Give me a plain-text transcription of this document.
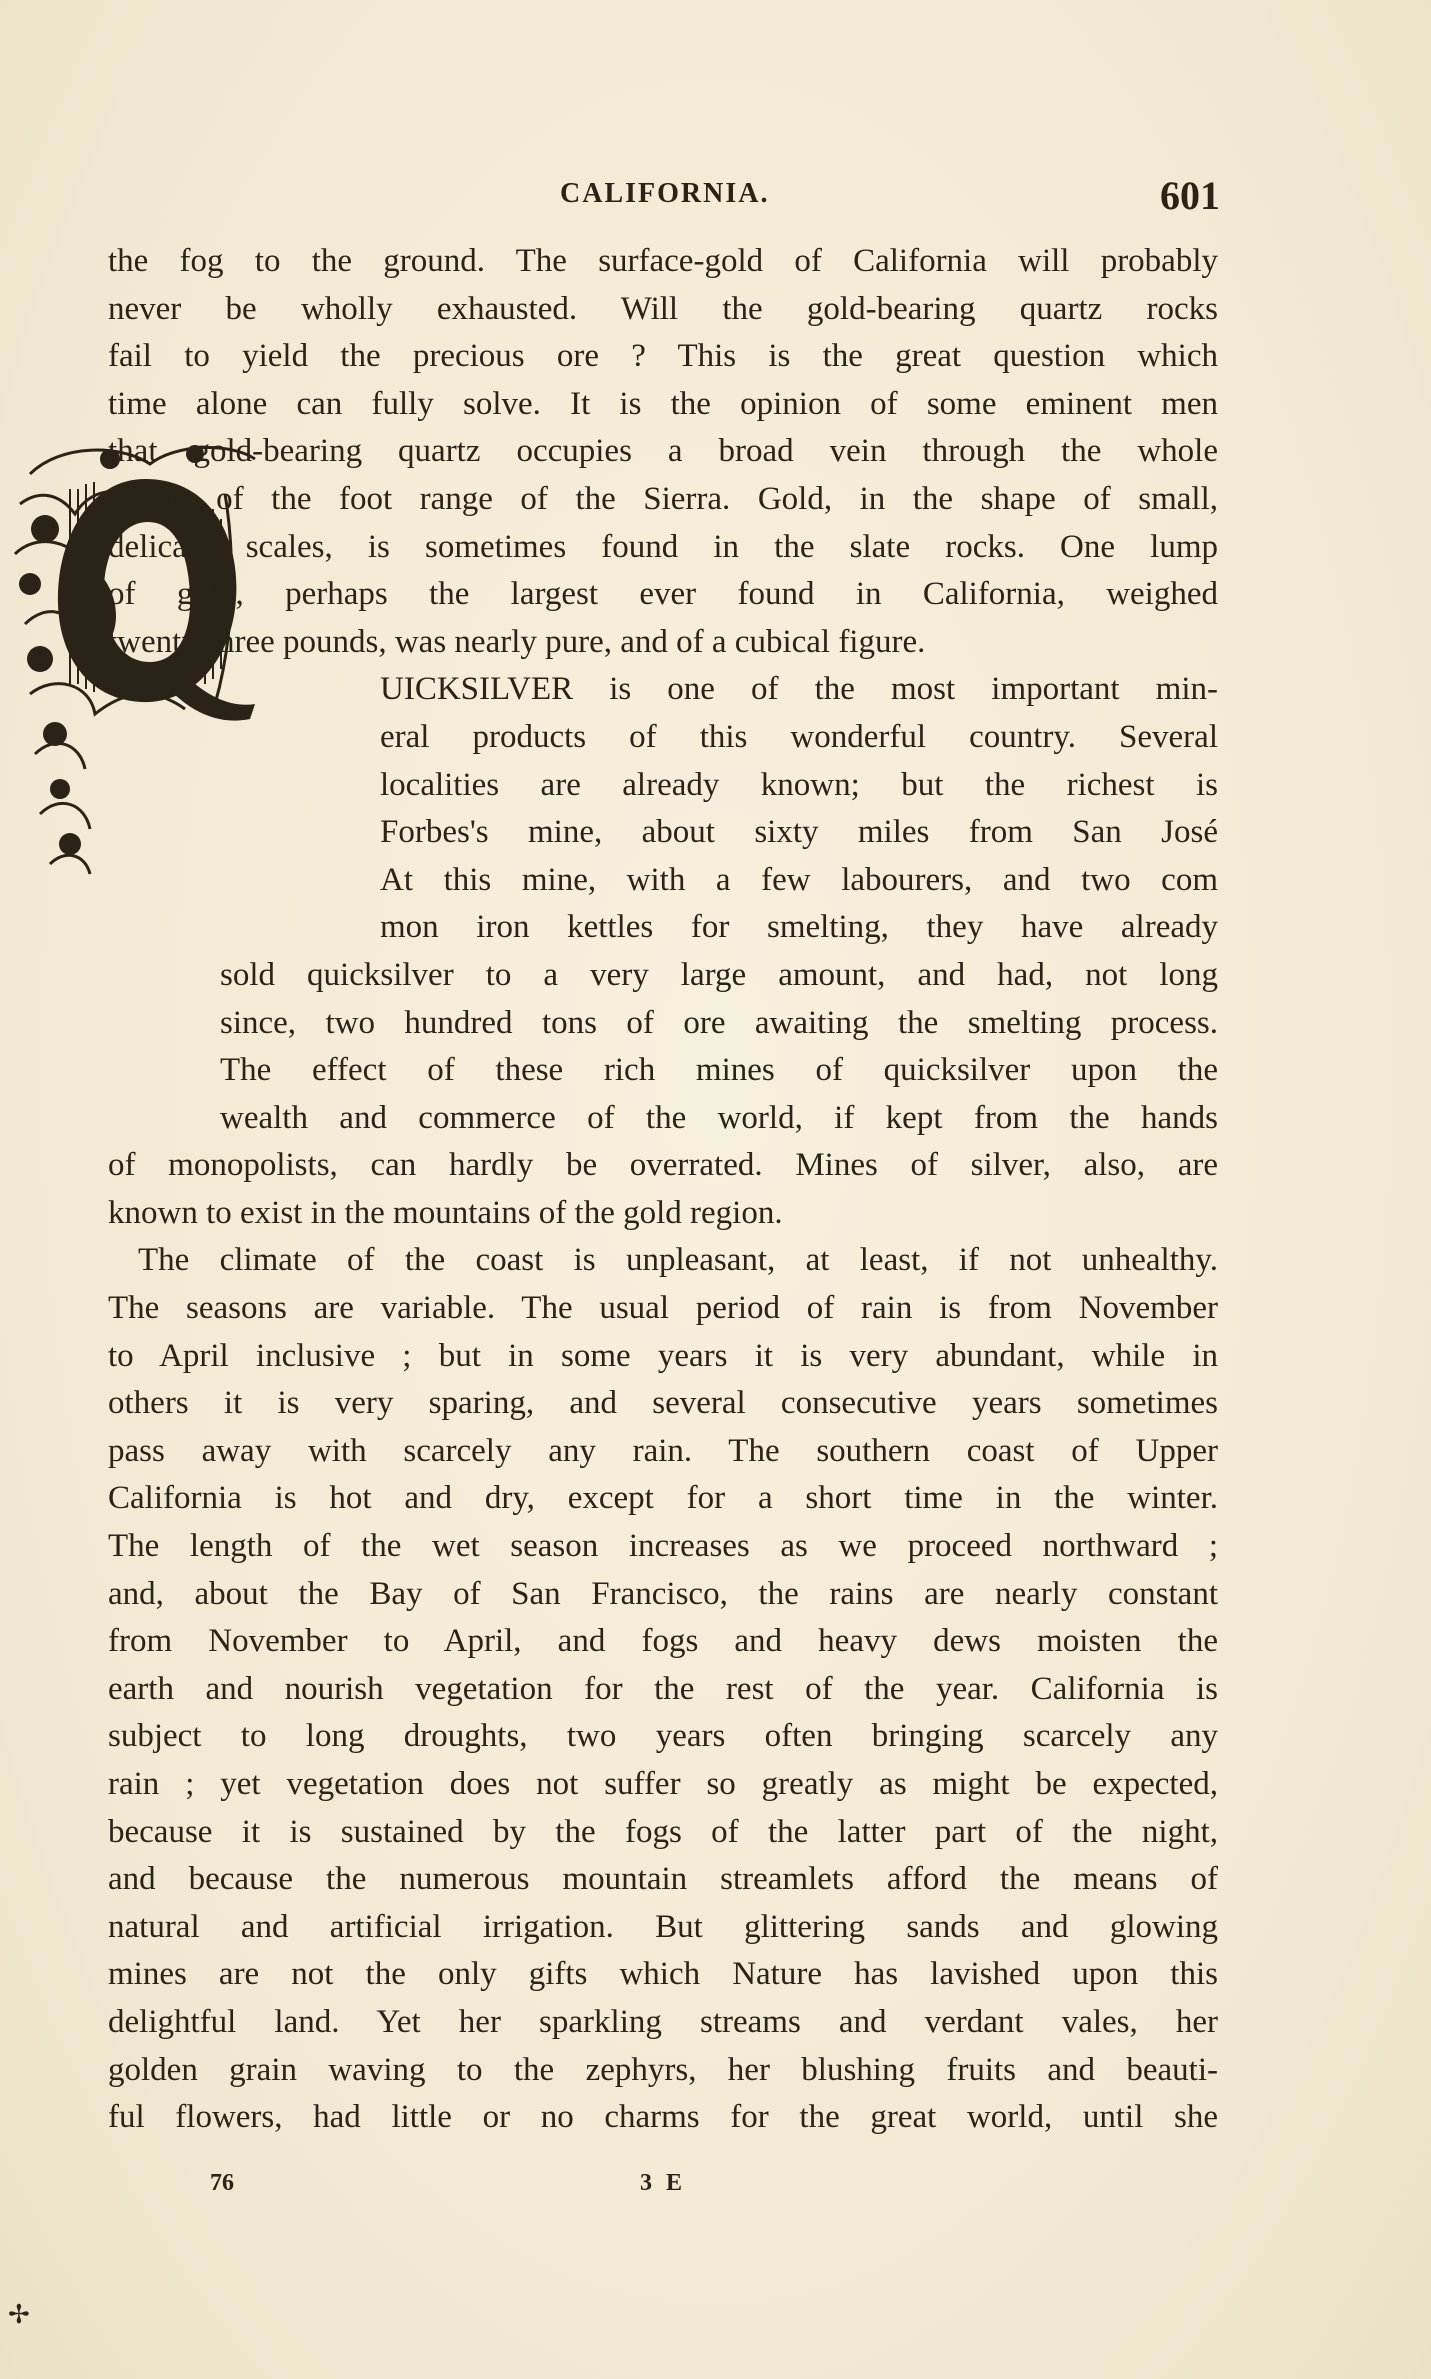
CALIFORNIA.	601
the fog to the ground. The surface-gold of California will probably
never be wholly exhausted. Will the gold-bearing quartz rocks
fail to yield the precious ore ? This is the great question which
time alone can fully solve. It is the opinion of some eminent men
that gold-bearing quartz occupies a broad vein through the whole
extent of the foot range of the Sierra. Gold, in the shape of small,
delicate scales, is sometimes found in the slate rocks. One lump
of gold, perhaps the largest ever found in California, weighed
twenty-three pounds, was nearly pure, and of a cubical figure.
UICKSILVER is one of the most important min-
eral products of this wonderful country. Several
localities are already known; but the richest is
Forbes's mine, about sixty miles from San José
At this mine, with a few labourers, and two com
mon iron kettles for smelting, they have already
sold quicksilver to a very large amount, and had, not long
since, two hundred tons of ore awaiting the smelting process.
The effect of these rich mines of quicksilver upon the
wealth and commerce of the world, if kept from the hands
of monopolists, can hardly be overrated. Mines of silver, also, are
known to exist in the mountains of the gold region.
The climate of the coast is unpleasant, at least, if not unhealthy.
The seasons are variable. The usual period of rain is from November
to April inclusive ; but in some years it is very abundant, while in
others it is very sparing, and several consecutive years sometimes
pass away with scarcely any rain. The southern coast of Upper
California is hot and dry, except for a short time in the winter.
The length of the wet season increases as we proceed northward ;
and, about the Bay of San Francisco, the rains are nearly constant
from November to April, and fogs and heavy dews moisten the
earth and nourish vegetation for the rest of the year. California is
subject to long droughts, two years often bringing scarcely any
rain ; yet vegetation does not suffer so greatly as might be expected,
because it is sustained by the fogs of the latter part of the night,
and because the numerous mountain streamlets afford the means of
natural and artificial irrigation. But glittering sands and glowing
mines are not the only gifts which Nature has lavished upon this
delightful land. Yet her sparkling streams and verdant vales, her
golden grain waving to the zephyrs, her blushing fruits and beauti-
ful flowers, had little or no charms for the great world, until she
76	3 E
✢
